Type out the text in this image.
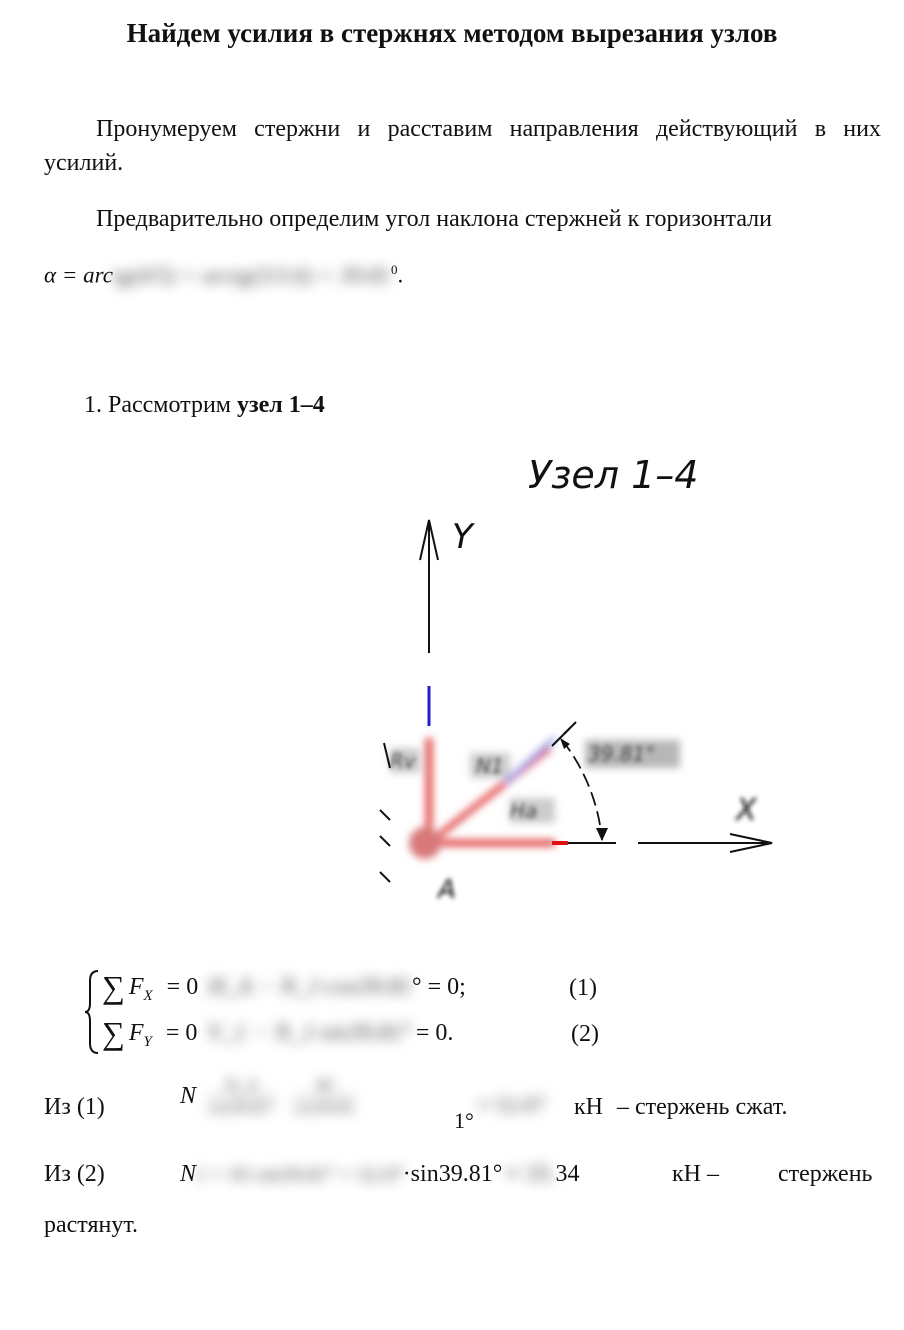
Найдем усилия в стержнях методом вырезания узлов
Пронумеруем стержни и расставим направления действующий в них усилий.
Предварительно определим угол наклона стержней к горизонтали
α = arctg(4/5) = arctg(3/3.6) = $39.81^0$.
1. Рассмотрим узел 1–4
Узел 1–4
Y
Rv	N1
Ha
39.81°
X
A
∑ $F_X = 0$ H_A − N_1·cos39.81° = 0;	(1)
∑ $F_Y = 0$ V_1 − N_1·sin39.81° = 0.	(2)
Из (1)	N $\frac{H\_A}{\cos 39.81^\circ}$
$\frac{40}{\cos 39.81}$
1°
≈ 52.07 кН – стержень сжат.
Из (2)	N1 = N1·sin39.81° = 52.07·sin39.81° ≈ 33.34	кН – стержень
растянут.
